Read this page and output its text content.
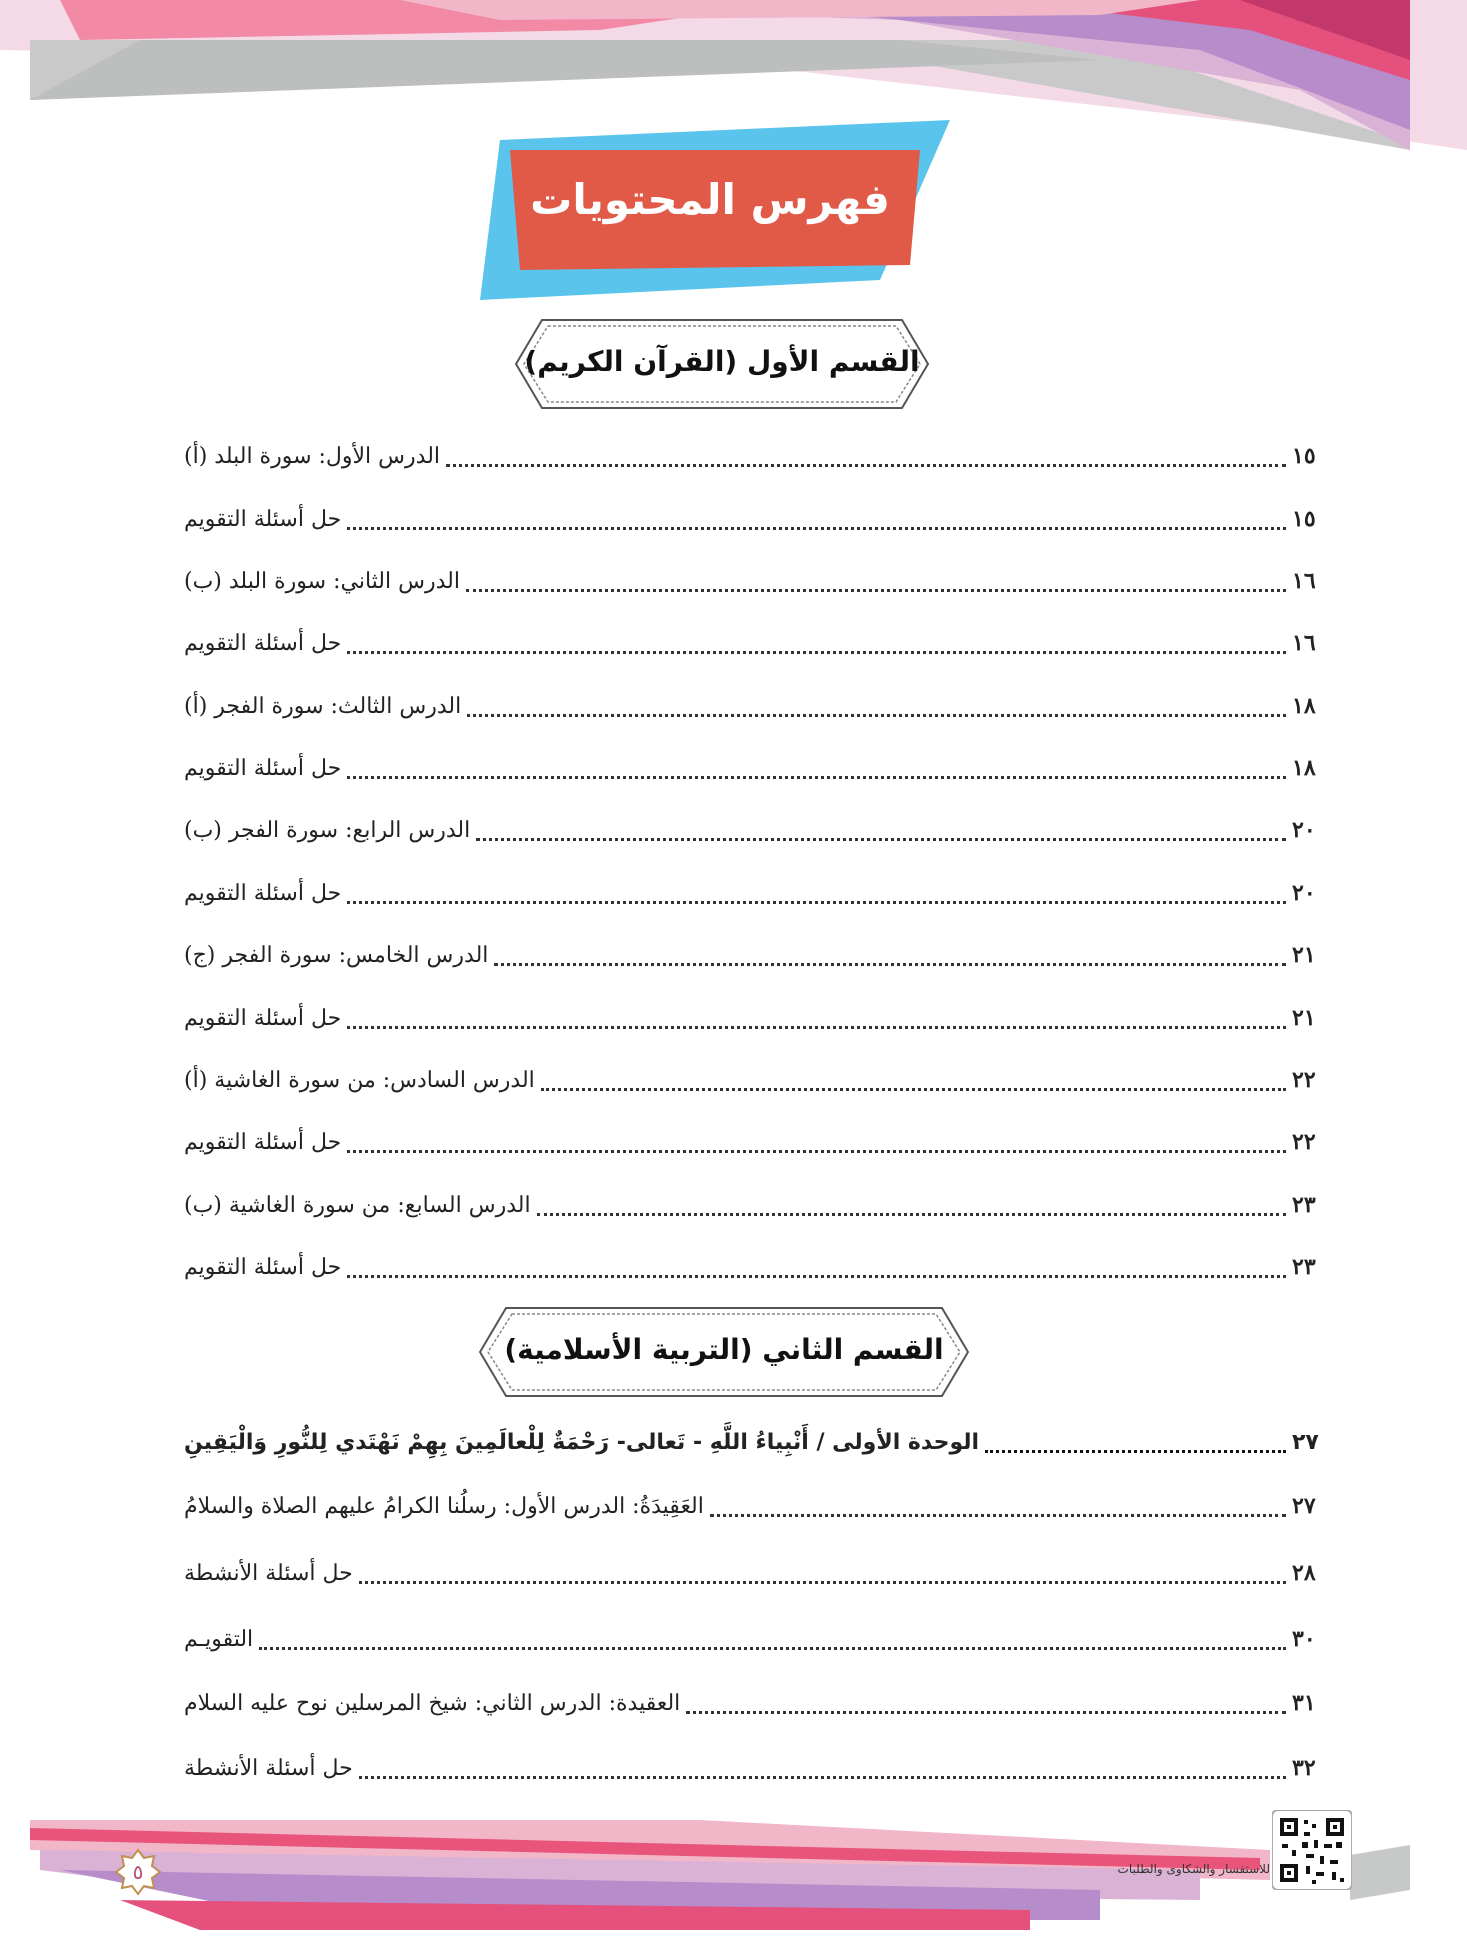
فهرس المحتويات
القسم الأول (القرآن الكريم)
الدرس الأول: سورة البلد (أ)	١٥
حل أسئلة التقويم	١٥
الدرس الثاني: سورة البلد (ب)	١٦
حل أسئلة التقويم	١٦
الدرس الثالث: سورة الفجر (أ)	١٨
حل أسئلة التقويم	١٨
الدرس الرابع: سورة الفجر (ب)	٢٠
حل أسئلة التقويم	٢٠
الدرس الخامس: سورة الفجر (ج)	٢١
حل أسئلة التقويم	٢١
الدرس السادس: من سورة الغاشية (أ)	٢٢
حل أسئلة التقويم	٢٢
الدرس السابع: من سورة الغاشية (ب)	٢٣
حل أسئلة التقويم	٢٣
القسم الثاني (التربية الأسلامية)
الوحدة الأولى / أَنْبِياءُ اللَّهِ - تَعالى- رَحْمَةٌ لِلْعالَمِينَ بِهِمْ نَهْتَدي لِلنُّورِ وَالْيَقِينِ	٢٧
العَقِيدَةُ: الدرس الأول: رسلُنا الكرامُ عليهم الصلاة والسلامُ	٢٧
حل أسئلة الأنشطة	٢٨
التقويـم	٣٠
العقيدة: الدرس الثاني: شيخ المرسلين نوح عليه السلام	٣١
حل أسئلة الأنشطة	٣٢
٥	للاستفسار والشكاوى والطلبات
